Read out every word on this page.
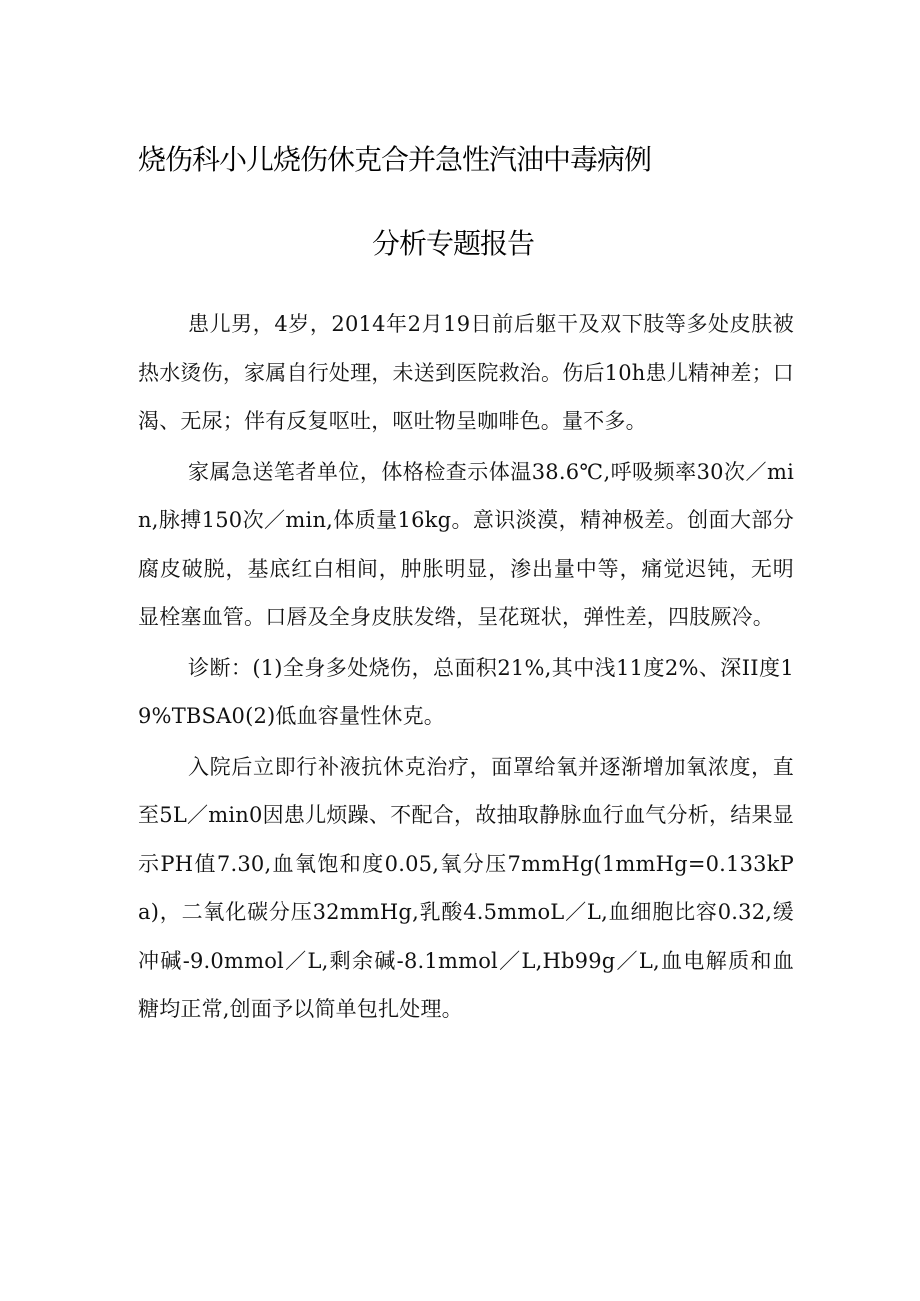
烧伤科小儿烧伤休克合并急性汽油中毒病例
分析专题报告

患儿男，4岁，2014年2月19日前后躯干及双下肢等多处皮肤被热水烫伤，家属自行处理，未送到医院救治。伤后10h患儿精神差；口渴、无尿；伴有反复呕吐，呕吐物呈咖啡色。量不多。

家属急送笔者单位，体格检查示体温38.6℃,呼吸频率30次／min,脉搏150次／min,体质量16kg。意识淡漠，精神极差。创面大部分腐皮破脱，基底红白相间，肿胀明显，渗出量中等，痛觉迟钝，无明显栓塞血管。口唇及全身皮肤发绺，呈花斑状，弹性差，四肢厥冷。

诊断：(1)全身多处烧伤，总面积21%,其中浅11度2%、深II度19%TBSA0(2)低血容量性休克。

入院后立即行补液抗休克治疗，面罩给氧并逐渐增加氧浓度，直至5L／min0因患儿烦躁、不配合，故抽取静脉血行血气分析，结果显示PH值7.30,血氧饱和度0.05,氧分压7mmHg(1mmHg=0.133kPa)，二氧化碳分压32mmHg,乳酸4.5mmoL／L,血细胞比容0.32,缓冲碱-9.0mmol／L,剩余碱-8.1mmol／L,Hb99g／L,血电解质和血糖均正常,创面予以简单包扎处理。
